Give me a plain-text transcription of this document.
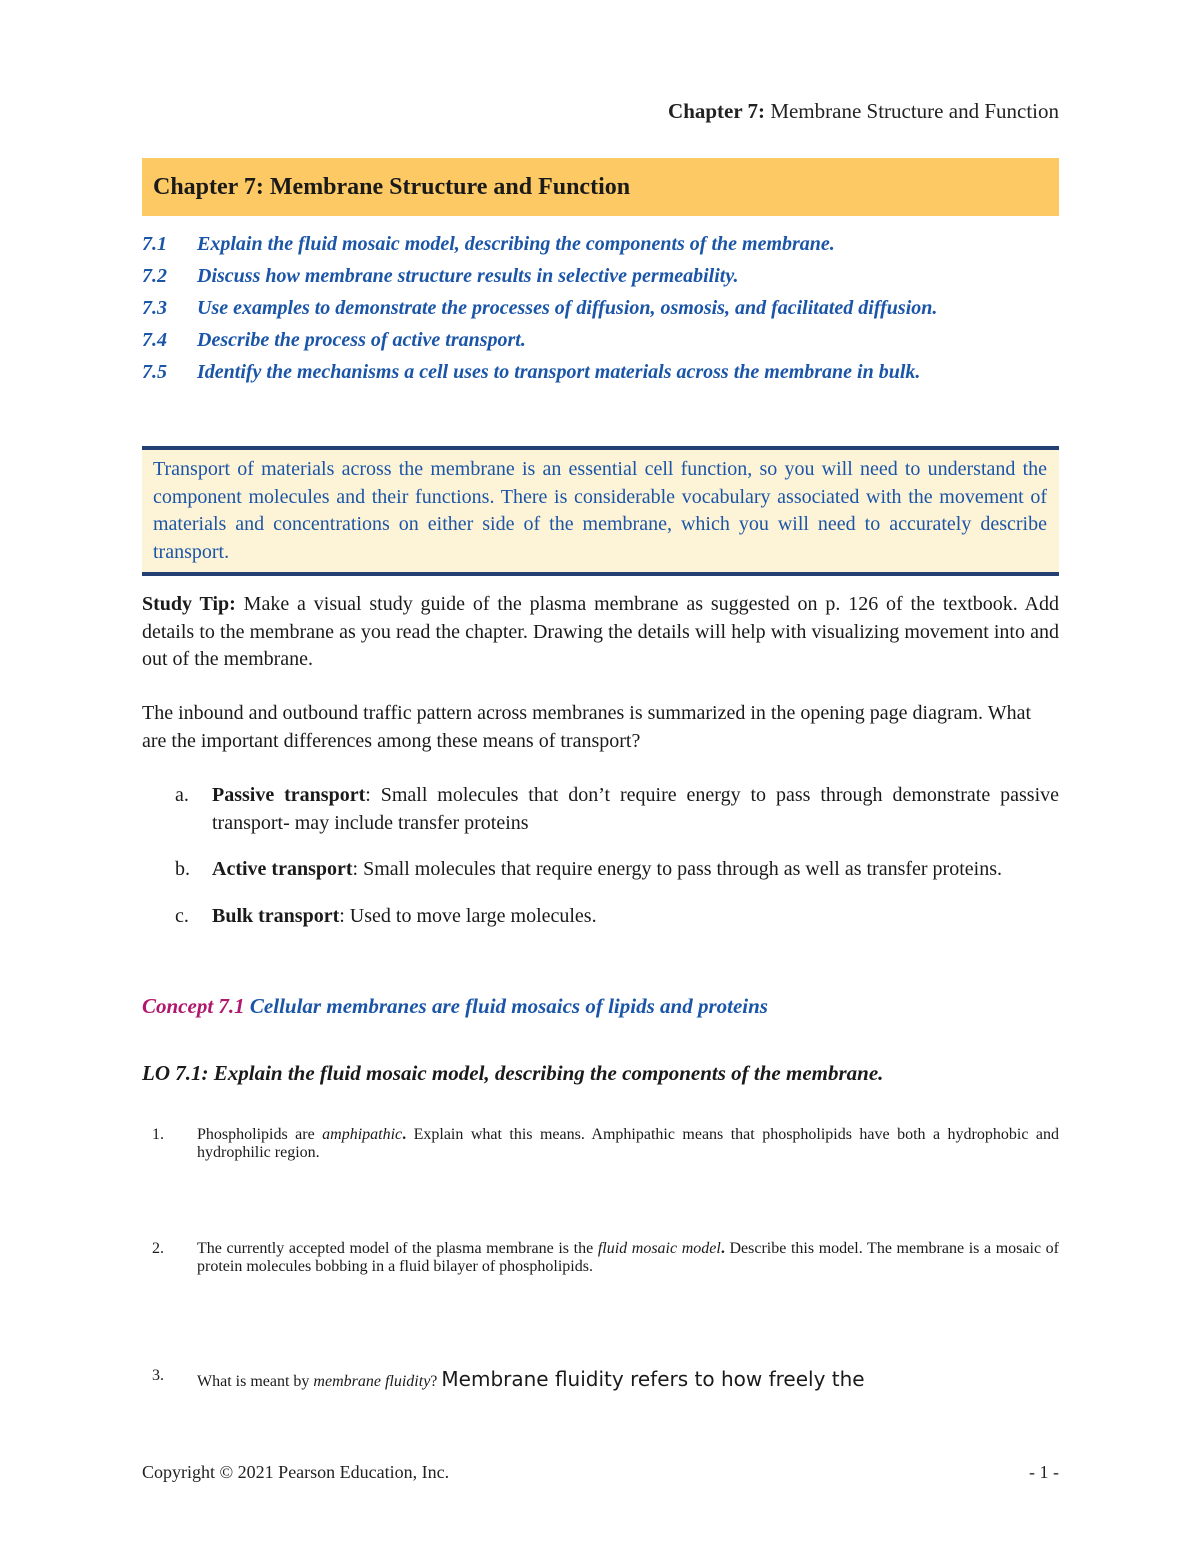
Chapter 7: Membrane Structure and Function
Chapter 7: Membrane Structure and Function
7.1	Explain the fluid mosaic model, describing the components of the membrane.
7.2	Discuss how membrane structure results in selective permeability.
7.3	Use examples to demonstrate the processes of diffusion, osmosis, and facilitated diffusion.
7.4	Describe the process of active transport.
7.5	Identify the mechanisms a cell uses to transport materials across the membrane in bulk.
Transport of materials across the membrane is an essential cell function, so you will need to understand the component molecules and their functions. There is considerable vocabulary associated with the movement of materials and concentrations on either side of the membrane, which you will need to accurately describe transport.

Study Tip: Make a visual study guide of the plasma membrane as suggested on p. 126 of the textbook. Add details to the membrane as you read the chapter. Drawing the details will help with visualizing movement into and out of the membrane.

The inbound and outbound traffic pattern across membranes is summarized in the opening page diagram. What are the important differences among these means of transport?

a.	Passive transport: Small molecules that don’t require energy to pass through demonstrate passive transport- may include transfer proteins
b.	Active transport: Small molecules that require energy to pass through as well as transfer proteins.
c.	Bulk transport: Used to move large molecules.
Concept 7.1 Cellular membranes are fluid mosaics of lipids and proteins
LO 7.1: Explain the fluid mosaic model, describing the components of the membrane.
1.	Phospholipids are amphipathic. Explain what this means. Amphipathic means that phospholipids have both a hydrophobic and hydrophilic region.
2.	The currently accepted model of the plasma membrane is the fluid mosaic model. Describe this model. The membrane is a mosaic of protein molecules bobbing in a fluid bilayer of phospholipids.
3.	What is meant by membrane fluidity? Membrane fluidity refers to how freely the
Copyright © 2021 Pearson Education, Inc.	- 1 -
